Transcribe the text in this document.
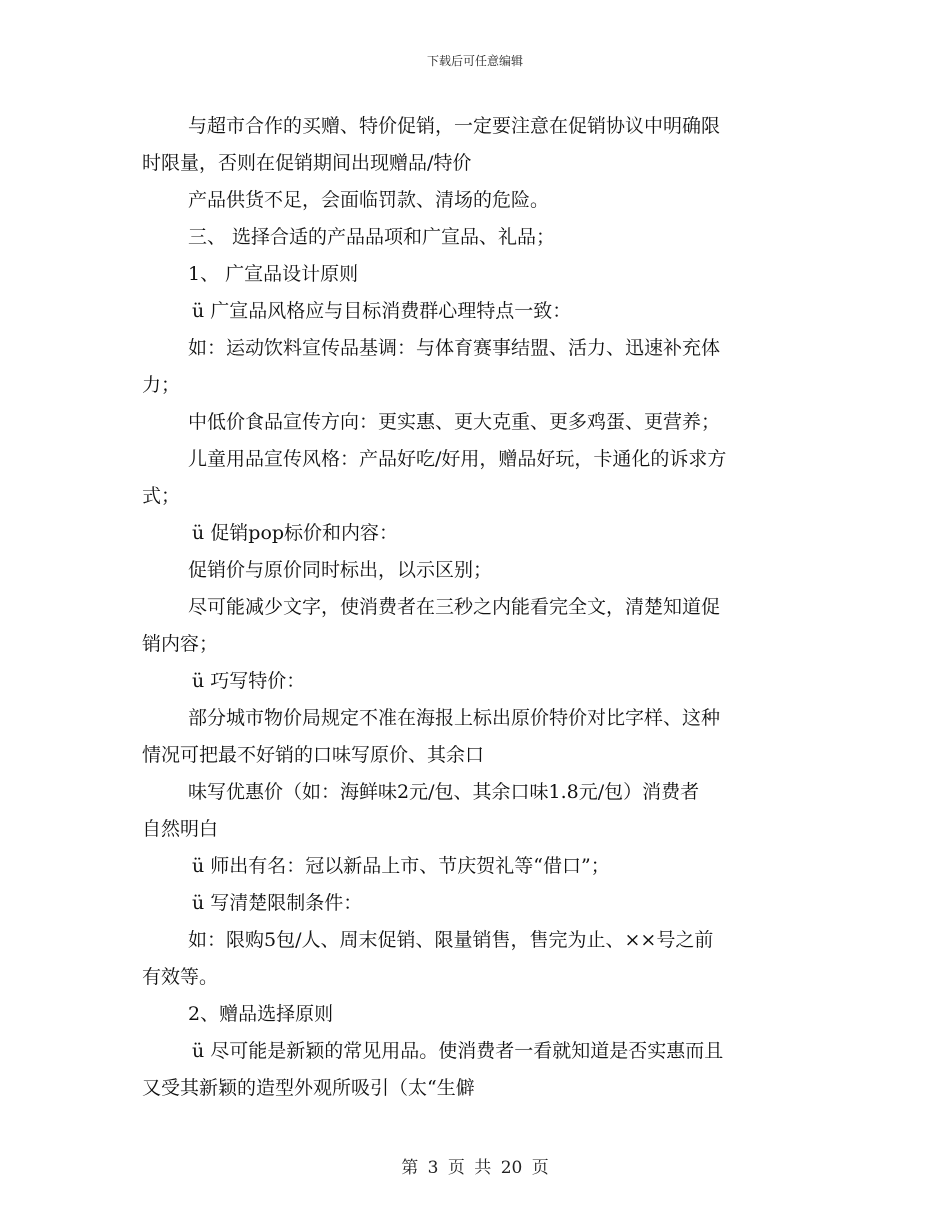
下载后可任意编辑
与超市合作的买赠、特价促销，一定要注意在促销协议中明确限
时限量，否则在促销期间出现赠品/特价
产品供货不足，会面临罚款、清场的危险。
三、 选择合适的产品品项和广宣品、礼品；
1、 广宣品设计原则
ü 广宣品风格应与目标消费群心理特点一致：
如：运动饮料宣传品基调：与体育赛事结盟、活力、迅速补充体
力；
中低价食品宣传方向：更实惠、更大克重、更多鸡蛋、更营养；
儿童用品宣传风格：产品好吃/好用，赠品好玩，卡通化的诉求方
式；
ü 促销pop标价和内容：
促销价与原价同时标出，以示区别；
尽可能减少文字，使消费者在三秒之内能看完全文，清楚知道促
销内容；
ü 巧写特价：
部分城市物价局规定不准在海报上标出原价特价对比字样、这种
情况可把最不好销的口味写原价、其余口
味写优惠价（如：海鲜味2元/包、其余口味1.8元/包）消费者
自然明白
ü 师出有名：冠以新品上市、节庆贺礼等“借口”；
ü 写清楚限制条件：
如：限购5包/人、周末促销、限量销售，售完为止、××号之前
有效等。
2、赠品选择原则
ü 尽可能是新颖的常见用品。使消费者一看就知道是否实惠而且
又受其新颖的造型外观所吸引（太“生僻
第 3 页 共 20 页
